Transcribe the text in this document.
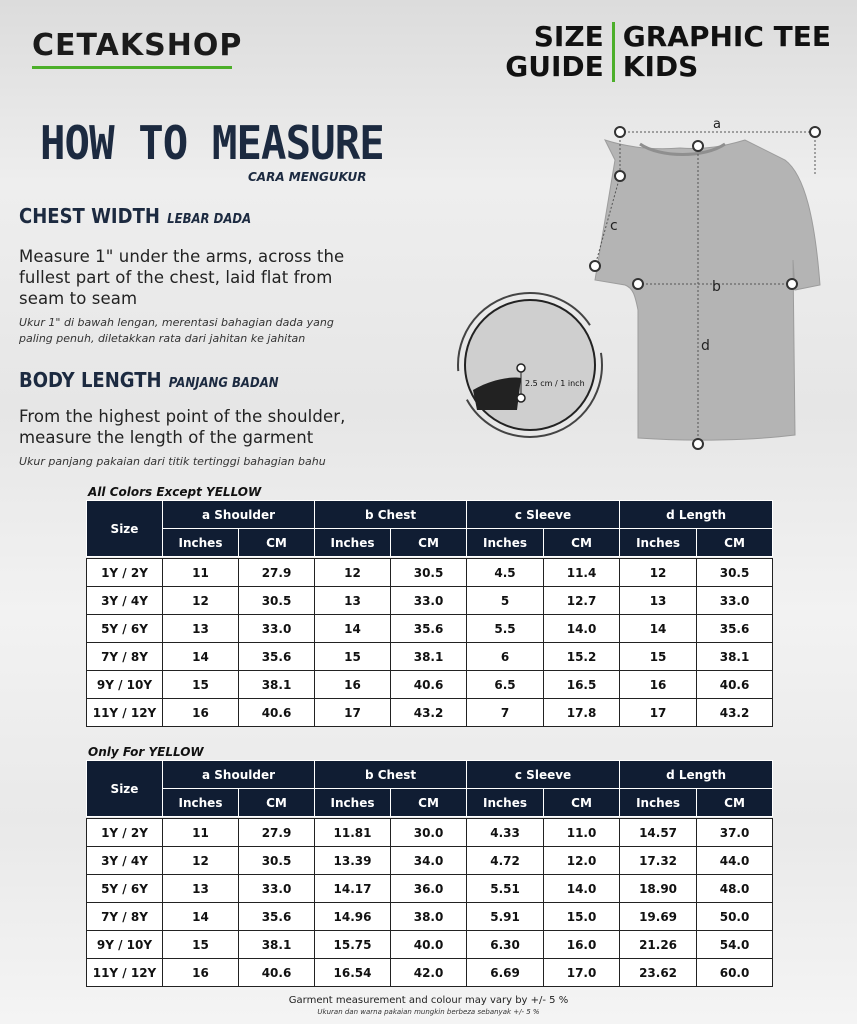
CETAKSHOP	SIZE
GUIDE
GRAPHIC TEE
KIDS
HOW TO MEASURE
CARA MENGUKUR
CHEST WIDTH LEBAR DADA
Measure 1" under the arms, across the fullest part of the chest, laid flat from seam to seam
Ukur 1" di bawah lengan, merentasi bahagian dada yang paling penuh, diletakkan rata dari jahitan ke jahitan
BODY LENGTH PANJANG BADAN
From the highest point of the shoulder, measure the length of the garment
Ukur panjang pakaian dari titik tertinggi bahagian bahu
a
b
c
d
2.5 cm / 1 inch
All Colors Except YELLOW
Size	a Shoulder		b Chest		c Sleeve		d Length	
	Inches	CM	Inches	CM	Inches	CM	Inches	CM

1Y / 2Y	11	27.9	12	30.5	4.5	11.4	12	30.5
3Y / 4Y	12	30.5	13	33.0	5	12.7	13	33.0
5Y / 6Y	13	33.0	14	35.6	5.5	14.0	14	35.6
7Y / 8Y	14	35.6	15	38.1	6	15.2	15	38.1
9Y / 10Y	15	38.1	16	40.6	6.5	16.5	16	40.6
11Y / 12Y	16	40.6	17	43.2	7	17.8	17	43.2
Only For YELLOW
Size	a Shoulder		b Chest		c Sleeve		d Length	
	Inches	CM	Inches	CM	Inches	CM	Inches	CM

1Y / 2Y	11	27.9	11.81	30.0	4.33	11.0	14.57	37.0
3Y / 4Y	12	30.5	13.39	34.0	4.72	12.0	17.32	44.0
5Y / 6Y	13	33.0	14.17	36.0	5.51	14.0	18.90	48.0
7Y / 8Y	14	35.6	14.96	38.0	5.91	15.0	19.69	50.0
9Y / 10Y	15	38.1	15.75	40.0	6.30	16.0	21.26	54.0
11Y / 12Y	16	40.6	16.54	42.0	6.69	17.0	23.62	60.0
Garment measurement and colour may vary by +/- 5 %
Ukuran dan warna pakaian mungkin berbeza sebanyak +/- 5 %
